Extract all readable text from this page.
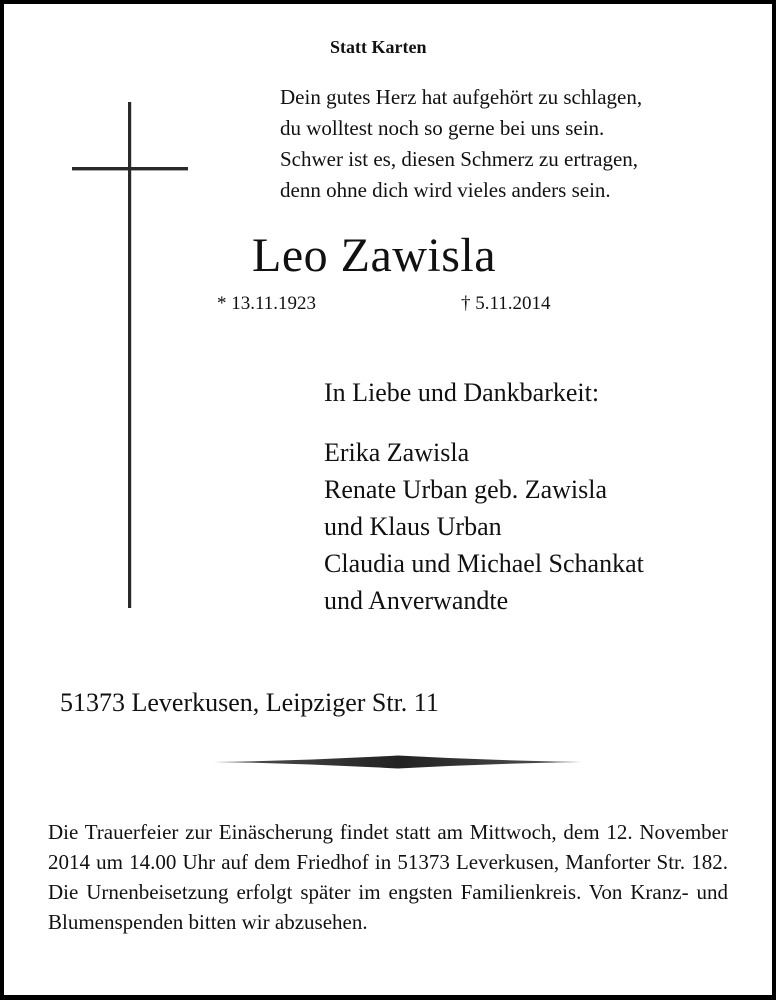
Statt Karten
Dein gutes Herz hat aufgehört zu schlagen,
du wolltest noch so gerne bei uns sein.
Schwer ist es, diesen Schmerz zu ertragen,
denn ohne dich wird vieles anders sein.
Leo Zawisla
* 13.11.1923	† 5.11.2014
In Liebe und Dankbarkeit:
Erika Zawisla
Renate Urban geb. Zawisla
und Klaus Urban
Claudia und Michael Schankat
und Anverwandte
51373 Leverkusen, Leipziger Str. 11
Die Trauerfeier zur Einäscherung findet statt am Mittwoch, dem 12. November 2014 um 14.00 Uhr auf dem Friedhof in 51373 Leverkusen, Manforter Str. 182. Die Urnenbeisetzung erfolgt später im engsten Familienkreis. Von Kranz- und Blumenspenden bitten wir abzusehen.
